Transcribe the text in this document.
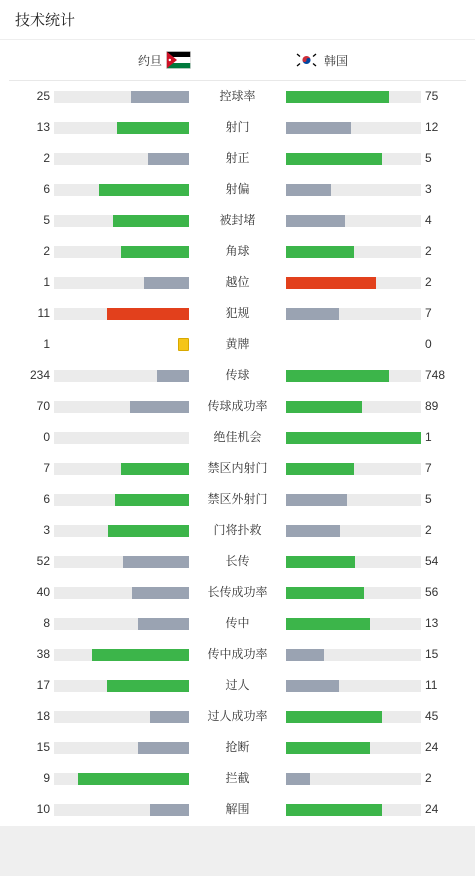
技术统计
约旦	韩国
25	控球率	75
13	射门	12
2	射正	5
6	射偏	3
5	被封堵	4
2	角球	2
1	越位	2
11	犯规	7
1	黄牌	0
234	传球	748
70	传球成功率	89
0	绝佳机会	1
7	禁区内射门	7
6	禁区外射门	5
3	门将扑救	2
52	长传	54
40	长传成功率	56
8	传中	13
38	传中成功率	15
17	过人	11
18	过人成功率	45
15	抢断	24
9	拦截	2
10	解围	24
